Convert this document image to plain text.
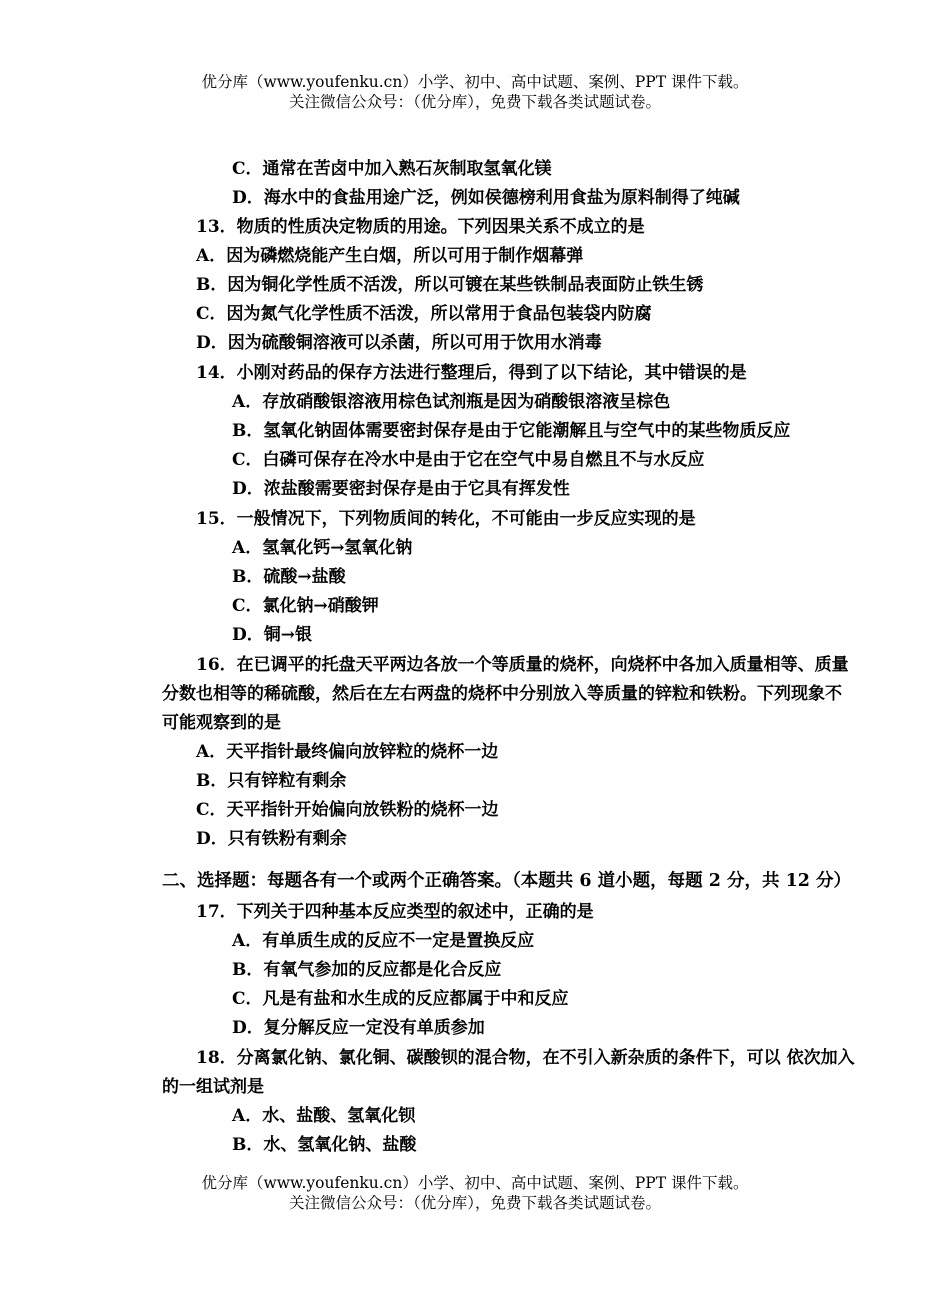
优分库（www.youfenku.cn）小学、初中、高中试题、案例、PPT 课件下载。
关注微信公众号：（优分库），免费下载各类试题试卷。
C．通常在苦卤中加入熟石灰制取氢氧化镁
D．海水中的食盐用途广泛，例如侯德榜利用食盐为原料制得了纯碱
13．物质的性质决定物质的用途。下列因果关系不成立的是
A．因为磷燃烧能产生白烟，所以可用于制作烟幕弹
B．因为铜化学性质不活泼，所以可镀在某些铁制品表面防止铁生锈
C．因为氮气化学性质不活泼，所以常用于食品包装袋内防腐
D．因为硫酸铜溶液可以杀菌，所以可用于饮用水消毒
14．小刚对药品的保存方法进行整理后，得到了以下结论，其中错误的是
A．存放硝酸银溶液用棕色试剂瓶是因为硝酸银溶液呈棕色
B．氢氧化钠固体需要密封保存是由于它能潮解且与空气中的某些物质反应
C．白磷可保存在冷水中是由于它在空气中易自燃且不与水反应
D．浓盐酸需要密封保存是由于它具有挥发性
15．一般情况下，下列物质间的转化，不可能由一步反应实现的是
A．氢氧化钙→氢氧化钠
B．硫酸→盐酸
C．氯化钠→硝酸钾
D．铜→银
16．在已调平的托盘天平两边各放一个等质量的烧杯，向烧杯中各加入质量相等、质量
分数也相等的稀硫酸，然后在左右两盘的烧杯中分别放入等质量的锌粒和铁粉。下列现象不
可能观察到的是
A．天平指针最终偏向放锌粒的烧杯一边
B．只有锌粒有剩余
C．天平指针开始偏向放铁粉的烧杯一边
D．只有铁粉有剩余
二、选择题：每题各有一个或两个正确答案。（本题共 6 道小题，每题 2 分，共 12 分）
17．下列关于四种基本反应类型的叙述中，正确的是
A．有单质生成的反应不一定是置换反应
B．有氧气参加的反应都是化合反应
C．凡是有盐和水生成的反应都属于中和反应
D．复分解反应一定没有单质参加
18．分离氯化钠、氯化铜、碳酸钡的混合物，在不引入新杂质的条件下，可以 依次加入
的一组试剂是
A．水、盐酸、氢氧化钡
B．水、氢氧化钠、盐酸
优分库（www.youfenku.cn）小学、初中、高中试题、案例、PPT 课件下载。
关注微信公众号：（优分库），免费下载各类试题试卷。
